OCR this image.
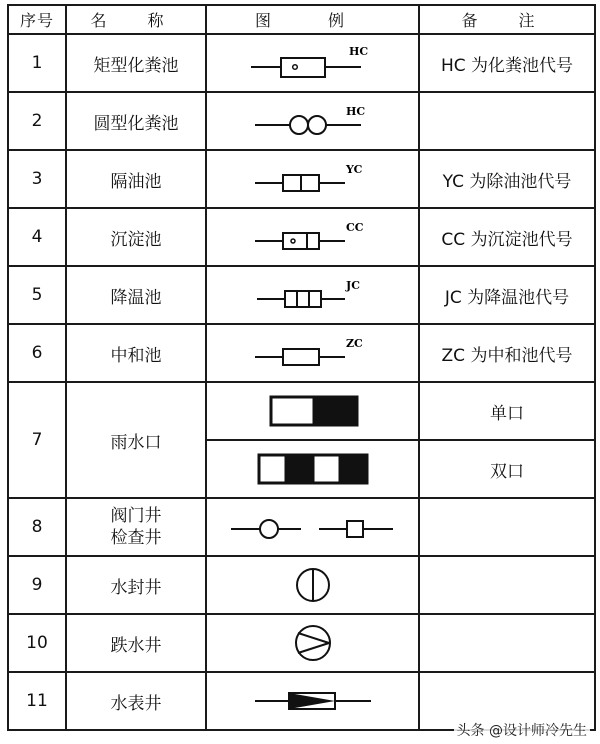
序号	名 称	图 例	备 注
1	矩型化粪池	HC	HC 为化粪池代号
2	圆型化粪池	HC	

3	隔油池	YC	YC 为除油池代号
4	沉淀池	CC	CC 为沉淀池代号
5	降温池	JC	JC 为降温池代号
6	中和池	ZC	ZC 为中和池代号
7	雨水口		单口

	双口
8	阀门井
检查井

9	水封井	

10	跌水井	

11	水表井	

头条 @设计师冷先生
